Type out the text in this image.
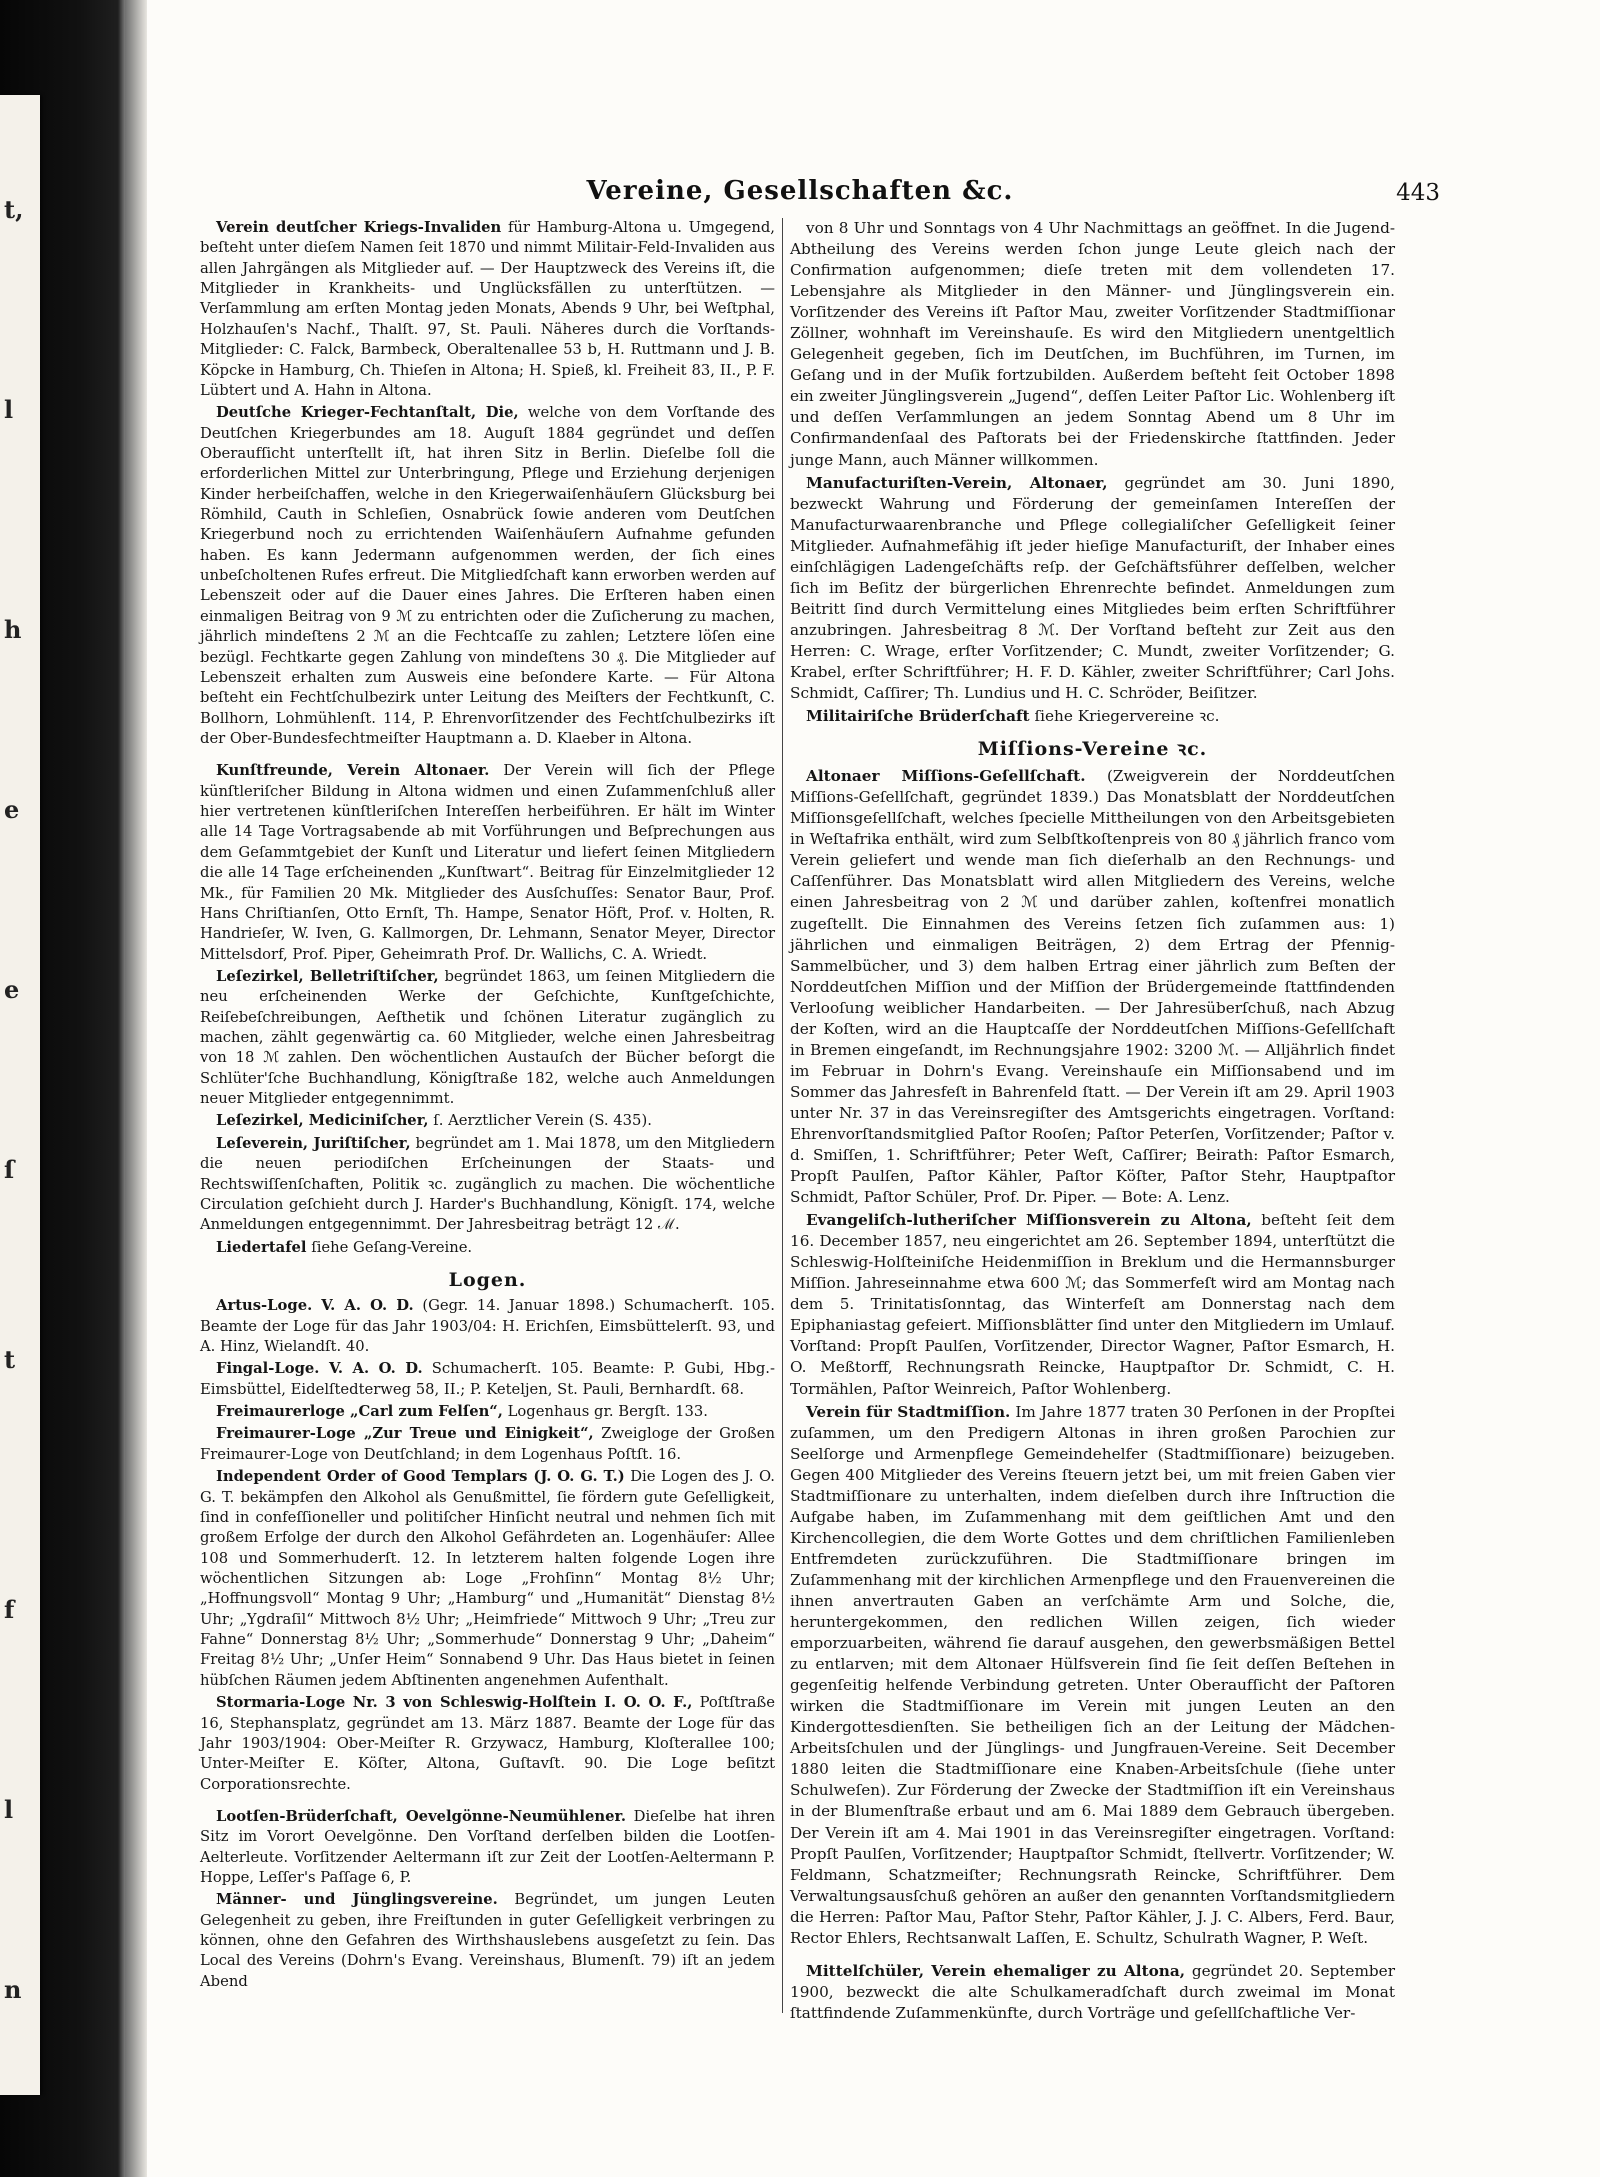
t,
l
h
e
e
ſ
t
f
l
n
Vereine, Gesellschaften &c.	443

Verein deutſcher Kriegs-Invaliden für Hamburg-Altona u. Umgegend, beſteht unter dieſem Namen ſeit 1870 und nimmt Militair-Feld-Invaliden aus allen Jahrgängen als Mitglieder auf. — Der Hauptzweck des Vereins iſt, die Mitglieder in Krankheits- und Unglücksfällen zu unterſtützen. — Verſammlung am erſten Montag jeden Monats, Abends 9 Uhr, bei Weſtphal, Holzhauſen's Nachf., Thalſt. 97, St. Pauli. Näheres durch die Vorſtands-Mitglieder: C. Falck, Barmbeck, Oberaltenallee 53 b, H. Ruttmann und J. B. Köpcke in Hamburg, Ch. Thieſen in Altona; H. Spieß, kl. Freiheit 83, II., P. F. Lübtert und A. Hahn in Altona.

Deutſche Krieger-Fechtanſtalt, Die, welche von dem Vorſtande des Deutſchen Kriegerbundes am 18. Auguſt 1884 gegründet und deſſen Oberaufſicht unterſtellt iſt, hat ihren Sitz in Berlin. Dieſelbe ſoll die erforderlichen Mittel zur Unterbringung, Pflege und Erziehung derjenigen Kinder herbeiſchaffen, welche in den Kriegerwaiſenhäuſern Glücksburg bei Römhild, Cauth in Schleſien, Osnabrück ſowie anderen vom Deutſchen Kriegerbund noch zu errichtenden Waiſenhäuſern Aufnahme gefunden haben. Es kann Jedermann aufgenommen werden, der ſich eines unbeſcholtenen Rufes erfreut. Die Mitgliedſchaft kann erworben werden auf Lebenszeit oder auf die Dauer eines Jahres. Die Erſteren haben einen einmaligen Beitrag von 9 ℳ zu entrichten oder die Zuſicherung zu machen, jährlich mindeſtens 2 ℳ an die Fechtcaſſe zu zahlen; Letztere löſen eine bezügl. Fechtkarte gegen Zahlung von mindeſtens 30 ₰. Die Mitglieder auf Lebenszeit erhalten zum Ausweis eine beſondere Karte. — Für Altona beſteht ein Fechtſchulbezirk unter Leitung des Meiſters der Fechtkunſt, C. Bollhorn, Lohmühlenſt. 114, P. Ehrenvorſitzender des Fechtſchulbezirks iſt der Ober-Bundesfechtmeiſter Hauptmann a. D. Klaeber in Altona.

Kunſtfreunde, Verein Altonaer. Der Verein will ſich der Pflege künſtleriſcher Bildung in Altona widmen und einen Zuſammenſchluß aller hier vertretenen künſtleriſchen Intereſſen herbeiführen. Er hält im Winter alle 14 Tage Vortragsabende ab mit Vorführungen und Beſprechungen aus dem Geſammtgebiet der Kunſt und Literatur und liefert ſeinen Mitgliedern die alle 14 Tage erſcheinenden „Kunſtwart“. Beitrag für Einzelmitglieder 12 Mk., für Familien 20 Mk. Mitglieder des Ausſchuſſes: Senator Baur, Prof. Hans Chriſtianſen, Otto Ernſt, Th. Hampe, Senator Höft, Prof. v. Holten, R. Handrieſer, W. Iven, G. Kallmorgen, Dr. Lehmann, Senator Meyer, Director Mittelsdorf, Prof. Piper, Geheimrath Prof. Dr. Wallichs, C. A. Wriedt.

Leſezirkel, Belletriſtiſcher, begründet 1863, um ſeinen Mitgliedern die neu erſcheinenden Werke der Geſchichte, Kunſtgeſchichte, Reiſebeſchreibungen, Aeſthetik und ſchönen Literatur zugänglich zu machen, zählt gegenwärtig ca. 60 Mitglieder, welche einen Jahresbeitrag von 18 ℳ zahlen. Den wöchentlichen Austauſch der Bücher beſorgt die Schlüter'ſche Buchhandlung, Königſtraße 182, welche auch Anmeldungen neuer Mitglieder entgegennimmt.

Leſezirkel, Mediciniſcher, ſ. Aerztlicher Verein (S. 435).

Leſeverein, Juriſtiſcher, begründet am 1. Mai 1878, um den Mitgliedern die neuen periodiſchen Erſcheinungen der Staats- und Rechtswiſſenſchaften, Politik ꝛc. zugänglich zu machen. Die wöchentliche Circulation geſchieht durch J. Harder's Buchhandlung, Königſt. 174, welche Anmeldungen entgegennimmt. Der Jahresbeitrag beträgt 12 ℳ.

Liedertafel ſiehe Geſang-Vereine.

Logen.

Artus-Loge. V. A. O. D. (Gegr. 14. Januar 1898.) Schumacherſt. 105. Beamte der Loge für das Jahr 1903/04: H. Erichſen, Eimsbüttelerſt. 93, und A. Hinz, Wielandſt. 40.

Fingal-Loge. V. A. O. D. Schumacherſt. 105. Beamte: P. Gubi, Hbg.-Eimsbüttel, Eidelſtedterweg 58, II.; P. Keteljen, St. Pauli, Bernhardſt. 68.

Freimaurerloge „Carl zum Felſen“, Logenhaus gr. Bergſt. 133.

Freimaurer-Loge „Zur Treue und Einigkeit“, Zweigloge der Großen Freimaurer-Loge von Deutſchland; in dem Logenhaus Poſtſt. 16.

Independent Order of Good Templars (J. O. G. T.) Die Logen des J. O. G. T. bekämpfen den Alkohol als Genußmittel, ſie fördern gute Geſelligkeit, ſind in confeſſioneller und politiſcher Hinſicht neutral und nehmen ſich mit großem Erfolge der durch den Alkohol Gefährdeten an. Logenhäuſer: Allee 108 und Sommerhuderſt. 12. In letzterem halten folgende Logen ihre wöchentlichen Sitzungen ab: Loge „Frohſinn“ Montag 8½ Uhr; „Hoffnungsvoll“ Montag 9 Uhr; „Hamburg“ und „Humanität“ Dienstag 8½ Uhr; „Ygdraſil“ Mittwoch 8½ Uhr; „Heimfriede“ Mittwoch 9 Uhr; „Treu zur Fahne“ Donnerstag 8½ Uhr; „Sommerhude“ Donnerstag 9 Uhr; „Daheim“ Freitag 8½ Uhr; „Unſer Heim“ Sonnabend 9 Uhr. Das Haus bietet in ſeinen hübſchen Räumen jedem Abſtinenten angenehmen Aufenthalt.

Stormaria-Loge Nr. 3 von Schleswig-Holſtein I. O. O. F., Poſtſtraße 16, Stephansplatz, gegründet am 13. März 1887. Beamte der Loge für das Jahr 1903/1904: Ober-Meiſter R. Grzywacz, Hamburg, Kloſterallee 100; Unter-Meiſter E. Köſter, Altona, Guſtavſt. 90. Die Loge beſitzt Corporationsrechte.

Lootſen-Brüderſchaft, Oevelgönne-Neumühlener. Dieſelbe hat ihren Sitz im Vorort Oevelgönne. Den Vorſtand derſelben bilden die Lootſen-Aelterleute. Vorſitzender Aeltermann iſt zur Zeit der Lootſen-Aeltermann P. Hoppe, Leſſer's Paſſage 6, P.

Männer- und Jünglingsvereine. Begründet, um jungen Leuten Gelegenheit zu geben, ihre Freiſtunden in guter Geſelligkeit verbringen zu können, ohne den Gefahren des Wirthshauslebens ausgeſetzt zu ſein. Das Local des Vereins (Dohrn's Evang. Vereinshaus, Blumenſt. 79) iſt an jedem Abend

von 8 Uhr und Sonntags von 4 Uhr Nachmittags an geöffnet. In die Jugend-Abtheilung des Vereins werden ſchon junge Leute gleich nach der Confirmation aufgenommen; dieſe treten mit dem vollendeten 17. Lebensjahre als Mitglieder in den Männer- und Jünglingsverein ein. Vorſitzender des Vereins iſt Paſtor Mau, zweiter Vorſitzender Stadtmiſſionar Zöllner, wohnhaft im Vereinshauſe. Es wird den Mitgliedern unentgeltlich Gelegenheit gegeben, ſich im Deutſchen, im Buchführen, im Turnen, im Geſang und in der Muſik fortzubilden. Außerdem beſteht ſeit October 1898 ein zweiter Jünglingsverein „Jugend“, deſſen Leiter Paſtor Lic. Wohlenberg iſt und deſſen Verſammlungen an jedem Sonntag Abend um 8 Uhr im Confirmandenſaal des Paſtorats bei der Friedenskirche ſtattfinden. Jeder junge Mann, auch Männer willkommen.

Manufacturiſten-Verein, Altonaer, gegründet am 30. Juni 1890, bezweckt Wahrung und Förderung der gemeinſamen Intereſſen der Manufacturwaarenbranche und Pflege collegialiſcher Geſelligkeit ſeiner Mitglieder. Aufnahmefähig iſt jeder hieſige Manufacturiſt, der Inhaber eines einſchlägigen Ladengeſchäfts reſp. der Geſchäftsführer deſſelben, welcher ſich im Beſitz der bürgerlichen Ehrenrechte befindet. Anmeldungen zum Beitritt ſind durch Vermittelung eines Mitgliedes beim erſten Schriftführer anzubringen. Jahresbeitrag 8 ℳ. Der Vorſtand beſteht zur Zeit aus den Herren: C. Wrage, erſter Vorſitzender; C. Mundt, zweiter Vorſitzender; G. Krabel, erſter Schriftführer; H. F. D. Kähler, zweiter Schriftführer; Carl Johs. Schmidt, Caſſirer; Th. Lundius und H. C. Schröder, Beiſitzer.

Militairiſche Brüderſchaft ſiehe Kriegervereine ꝛc.

Miſſions-Vereine ꝛc.

Altonaer Miſſions-Geſellſchaft. (Zweigverein der Norddeutſchen Miſſions-Geſellſchaft, gegründet 1839.) Das Monatsblatt der Norddeutſchen Miſſionsgeſellſchaft, welches ſpecielle Mittheilungen von den Arbeitsgebieten in Weſtafrika enthält, wird zum Selbſtkoſtenpreis von 80 ₰ jährlich franco vom Verein geliefert und wende man ſich dieſerhalb an den Rechnungs- und Caſſenführer. Das Monatsblatt wird allen Mitgliedern des Vereins, welche einen Jahresbeitrag von 2 ℳ und darüber zahlen, koſtenfrei monatlich zugeſtellt. Die Einnahmen des Vereins ſetzen ſich zuſammen aus: 1) jährlichen und einmaligen Beiträgen, 2) dem Ertrag der Pfennig-Sammelbücher, und 3) dem halben Ertrag einer jährlich zum Beſten der Norddeutſchen Miſſion und der Miſſion der Brüdergemeinde ſtattfindenden Verlooſung weiblicher Handarbeiten. — Der Jahresüberſchuß, nach Abzug der Koſten, wird an die Hauptcaſſe der Norddeutſchen Miſſions-Geſellſchaft in Bremen eingeſandt, im Rechnungsjahre 1902: 3200 ℳ. — Alljährlich findet im Februar in Dohrn's Evang. Vereinshauſe ein Miſſionsabend und im Sommer das Jahresfeſt in Bahrenfeld ſtatt. — Der Verein iſt am 29. April 1903 unter Nr. 37 in das Vereinsregiſter des Amtsgerichts eingetragen. Vorſtand: Ehrenvorſtandsmitglied Paſtor Rooſen; Paſtor Peterſen, Vorſitzender; Paſtor v. d. Smiſſen, 1. Schriftführer; Peter Weſt, Caſſirer; Beirath: Paſtor Esmarch, Propſt Paulſen, Paſtor Kähler, Paſtor Köſter, Paſtor Stehr, Hauptpaſtor Schmidt, Paſtor Schüler, Prof. Dr. Piper. — Bote: A. Lenz.

Evangeliſch-lutheriſcher Miſſionsverein zu Altona, beſteht ſeit dem 16. December 1857, neu eingerichtet am 26. September 1894, unterſtützt die Schleswig-Holſteiniſche Heidenmiſſion in Breklum und die Hermannsburger Miſſion. Jahreseinnahme etwa 600 ℳ; das Sommerfeſt wird am Montag nach dem 5. Trinitatisſonntag, das Winterfeſt am Donnerstag nach dem Epiphaniastag gefeiert. Miſſionsblätter ſind unter den Mitgliedern im Umlauf. Vorſtand: Propſt Paulſen, Vorſitzender, Director Wagner, Paſtor Esmarch, H. O. Meßtorff, Rechnungsrath Reincke, Hauptpaſtor Dr. Schmidt, C. H. Tormählen, Paſtor Weinreich, Paſtor Wohlenberg.

Verein für Stadtmiſſion. Im Jahre 1877 traten 30 Perſonen in der Propſtei zuſammen, um den Predigern Altonas in ihren großen Parochien zur Seelſorge und Armenpflege Gemeindehelfer (Stadtmiſſionare) beizugeben. Gegen 400 Mitglieder des Vereins ſteuern jetzt bei, um mit freien Gaben vier Stadtmiſſionare zu unterhalten, indem dieſelben durch ihre Inſtruction die Aufgabe haben, im Zuſammenhang mit dem geiſtlichen Amt und den Kirchencollegien, die dem Worte Gottes und dem chriſtlichen Familienleben Entfremdeten zurückzuführen. Die Stadtmiſſionare bringen im Zuſammenhang mit der kirchlichen Armenpflege und den Frauenvereinen die ihnen anvertrauten Gaben an verſchämte Arm und Solche, die, heruntergekommen, den redlichen Willen zeigen, ſich wieder emporzuarbeiten, während ſie darauf ausgehen, den gewerbsmäßigen Bettel zu entlarven; mit dem Altonaer Hülfsverein ſind ſie ſeit deſſen Beſtehen in gegenſeitig helfende Verbindung getreten. Unter Oberaufſicht der Paſtoren wirken die Stadtmiſſionare im Verein mit jungen Leuten an den Kindergottesdienſten. Sie betheiligen ſich an der Leitung der Mädchen-Arbeitsſchulen und der Jünglings- und Jungfrauen-Vereine. Seit December 1880 leiten die Stadtmiſſionare eine Knaben-Arbeitsſchule (ſiehe unter Schulweſen). Zur Förderung der Zwecke der Stadtmiſſion iſt ein Vereinshaus in der Blumenſtraße erbaut und am 6. Mai 1889 dem Gebrauch übergeben. Der Verein iſt am 4. Mai 1901 in das Vereinsregiſter eingetragen. Vorſtand: Propſt Paulſen, Vorſitzender; Hauptpaſtor Schmidt, ſtellvertr. Vorſitzender; W. Feldmann, Schatzmeiſter; Rechnungsrath Reincke, Schriftführer. Dem Verwaltungsausſchuß gehören an außer den genannten Vorſtandsmitgliedern die Herren: Paſtor Mau, Paſtor Stehr, Paſtor Kähler, J. J. C. Albers, Ferd. Baur, Rector Ehlers, Rechtsanwalt Laſſen, E. Schultz, Schulrath Wagner, P. Weſt.

Mittelſchüler, Verein ehemaliger zu Altona, gegründet 20. September 1900, bezweckt die alte Schulkameradſchaft durch zweimal im Monat ſtattfindende Zuſammenkünfte, durch Vorträge und geſellſchaftliche Ver-
